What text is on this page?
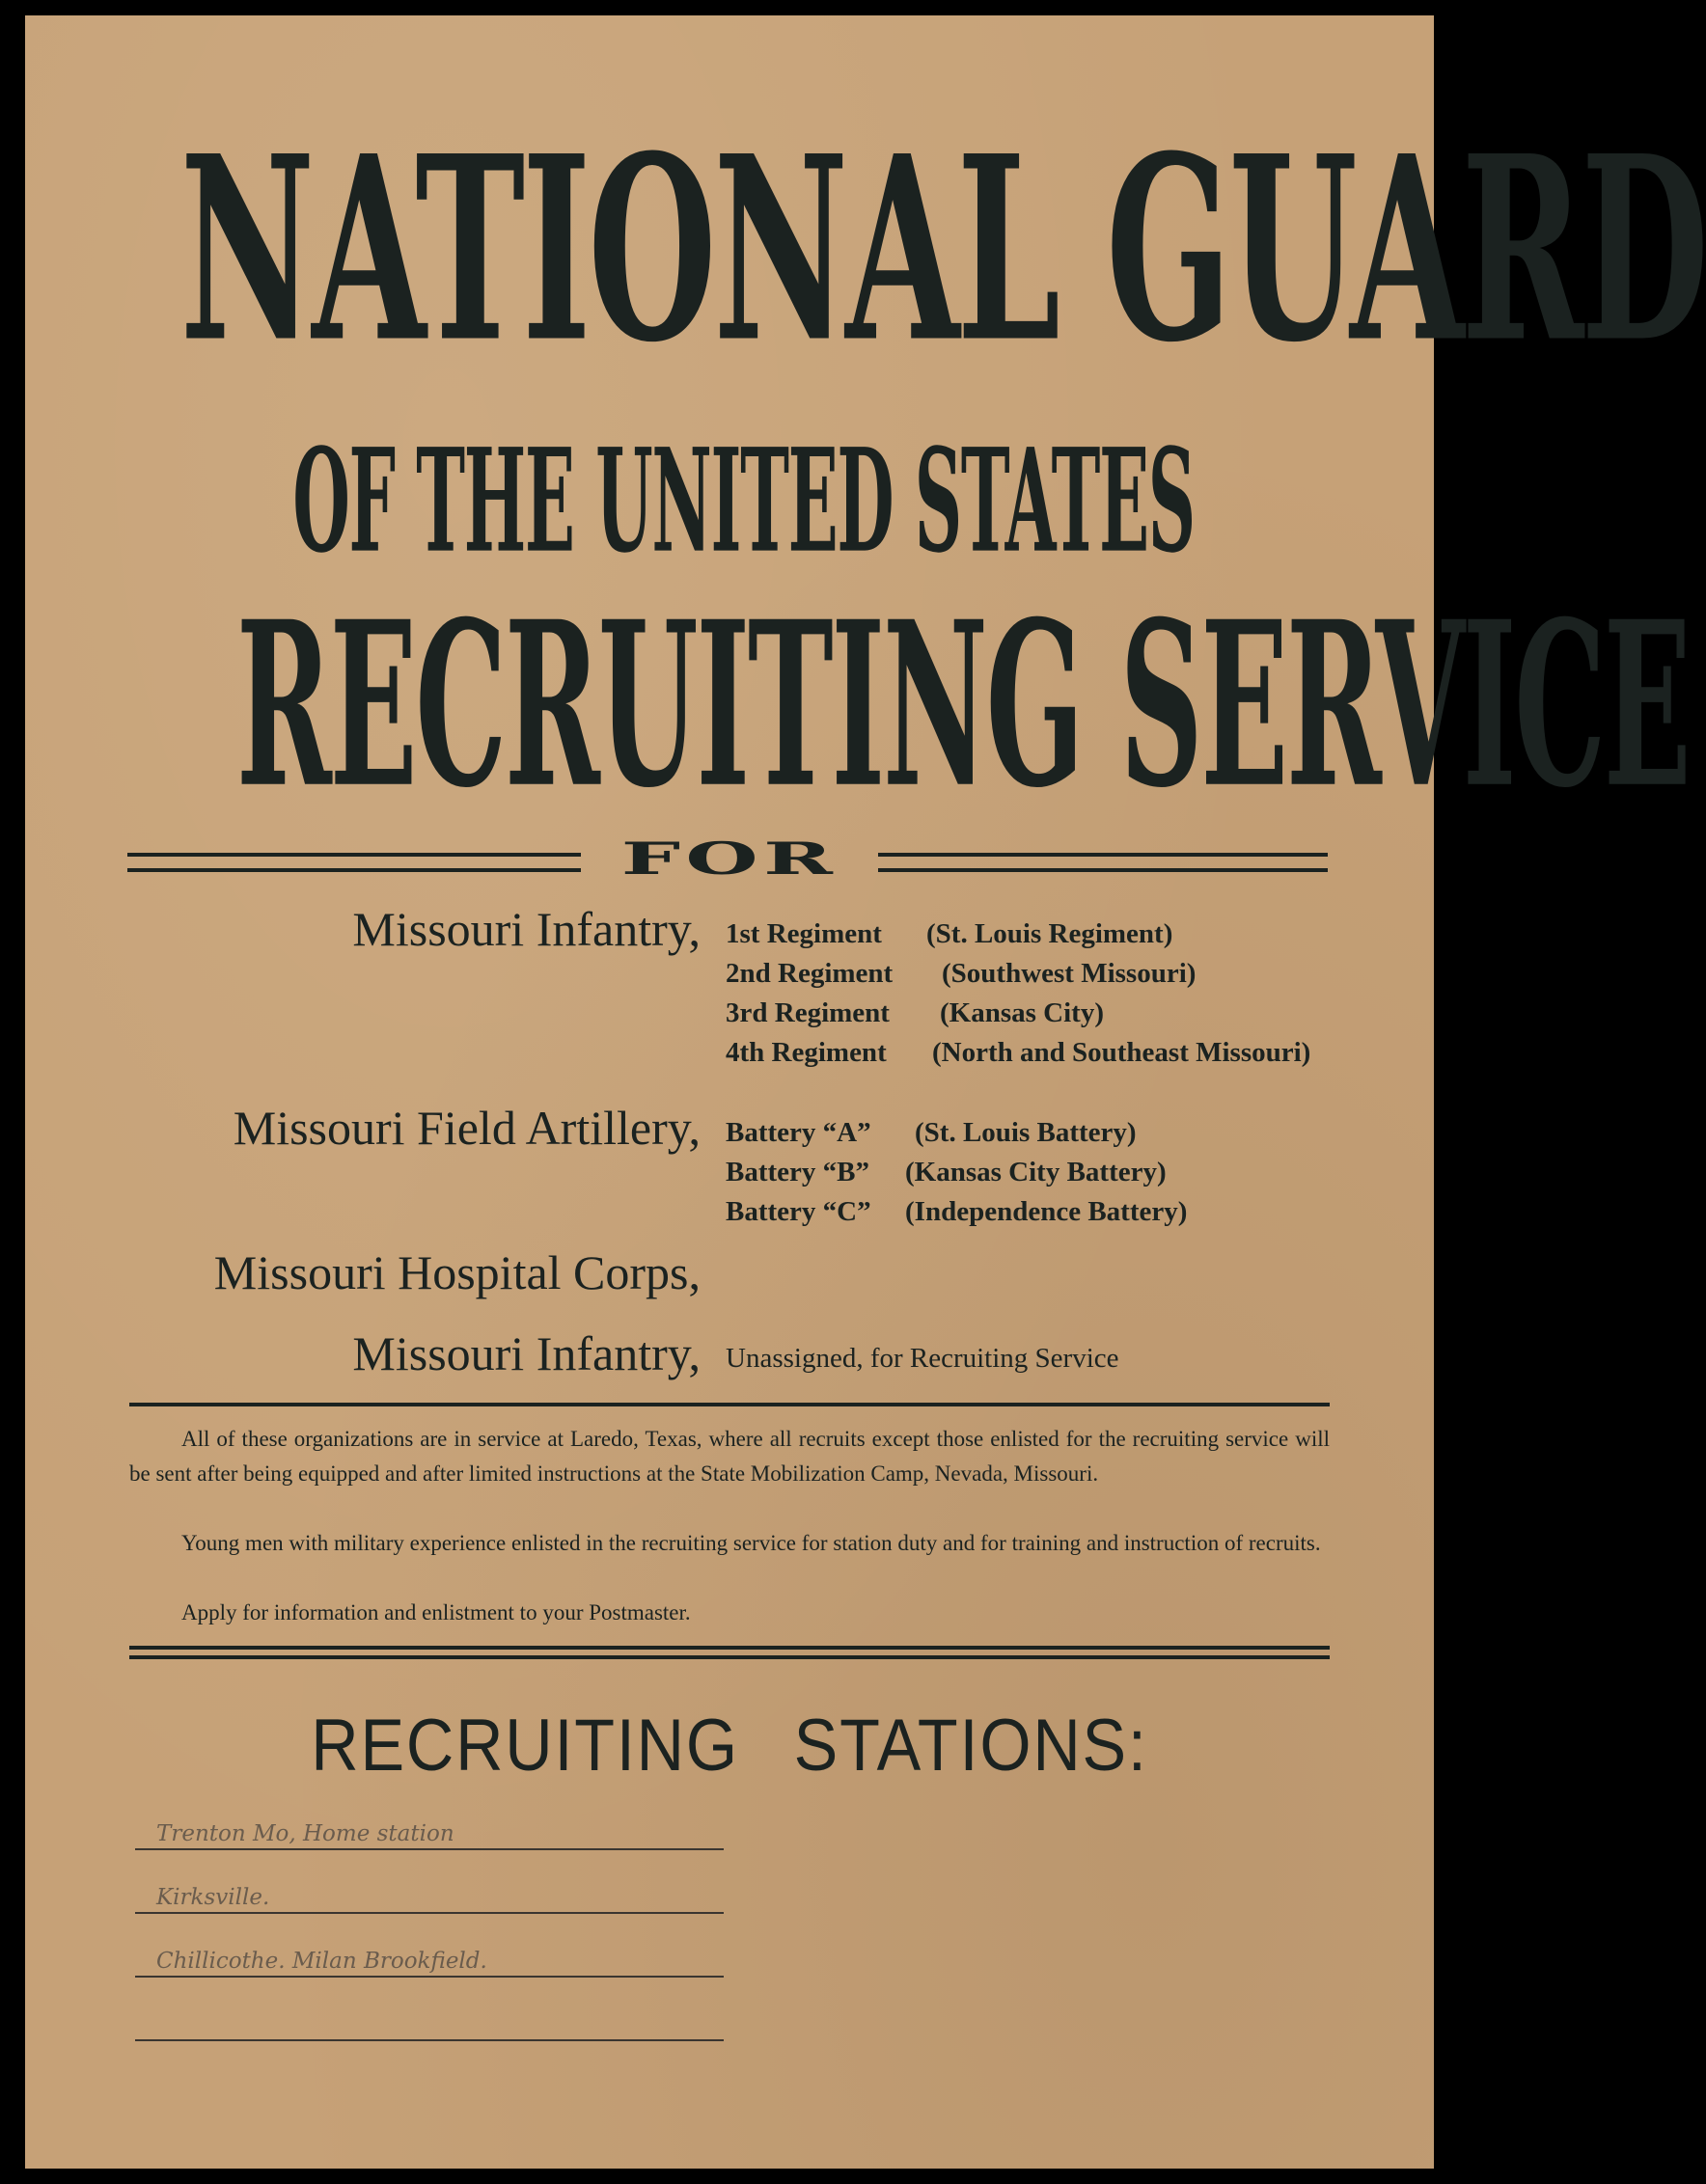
NATIONAL GUARD
OF THE UNITED STATES
RECRUITING SERVICE
FOR
Missouri Infantry, 1st Regiment (St. Louis Regiment)
2nd Regiment (Southwest Missouri)
3rd Regiment (Kansas City)
4th Regiment (North and Southeast Missouri)
Missouri Field Artillery, Battery “A” (St. Louis Battery)
Battery “B” (Kansas City Battery)
Battery “C” (Independence Battery)
Missouri Hospital Corps,
Missouri Infantry, Unassigned, for Recruiting Service
All of these organizations are in service at Laredo, Texas, where all recruits except those enlisted for the recruiting service will be sent after being equipped and after limited instructions at the State Mobilization Camp, Nevada, Missouri.
Young men with military experience enlisted in the recruiting service for station duty and for training and instruction of recruits.
Apply for information and enlistment to your Postmaster.
RECRUITING STATIONS:
Trenton Mo, Home station
Kirksville.
Chillicothe. Milan Brookfield.
